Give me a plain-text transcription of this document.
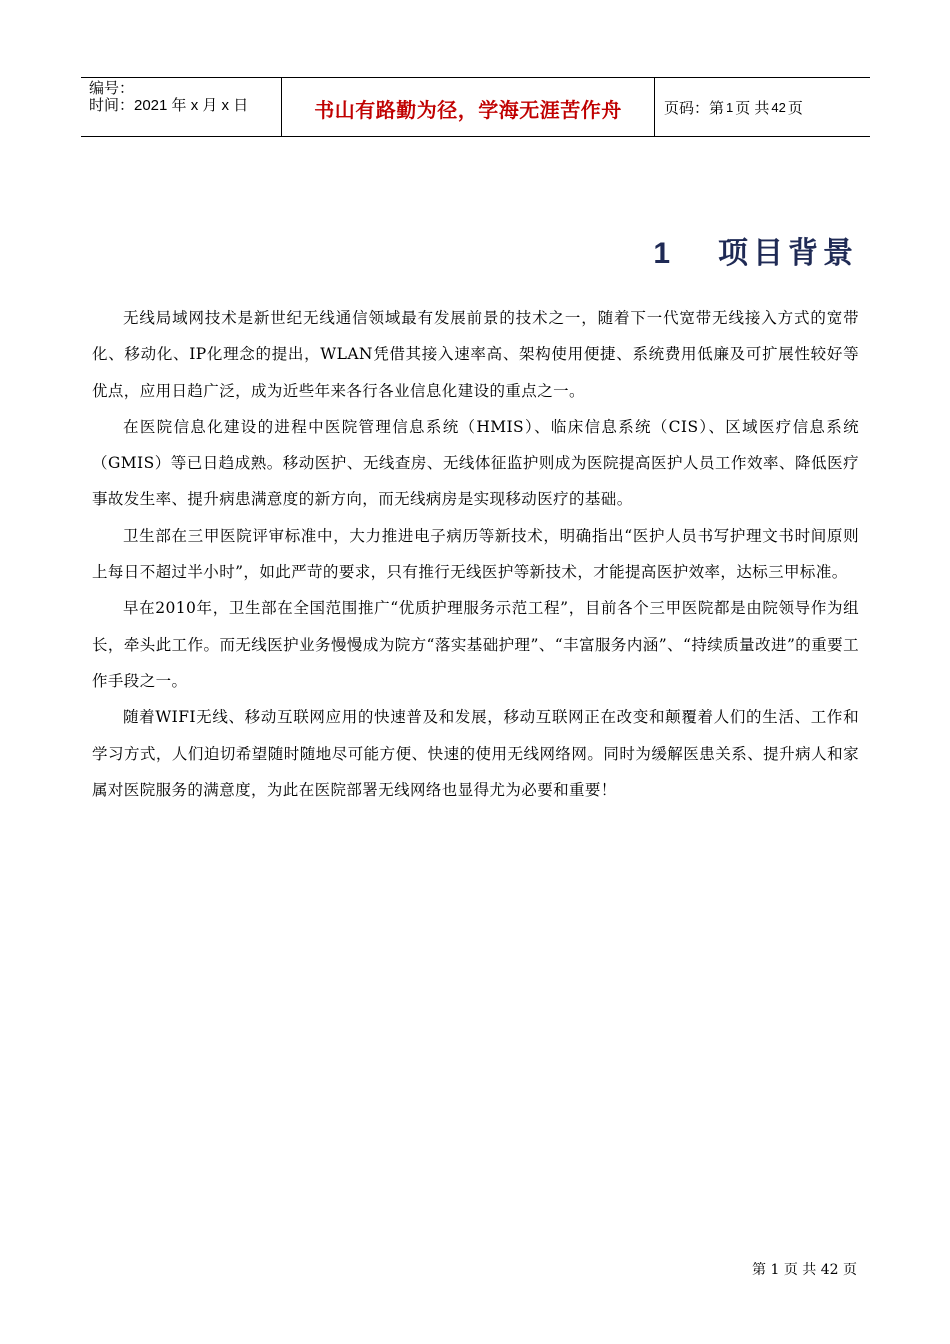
编号：
时间：2021 年 x 月 x 日	书山有路勤为径，学海无涯苦作舟	页码：第 1 页 共 42 页
1 项目背景

无线局域网技术是新世纪无线通信领域最有发展前景的技术之一，随着下一代宽带无线接入方式的宽带化、移动化、IP化理念的提出，WLAN凭借其接入速率高、架构使用便捷、系统费用低廉及可扩展性较好等优点，应用日趋广泛，成为近些年来各行各业信息化建设的重点之一。

在医院信息化建设的进程中医院管理信息系统（HMIS）、临床信息系统（CIS）、区域医疗信息系统（GMIS）等已日趋成熟。移动医护、无线查房、无线体征监护则成为医院提高医护人员工作效率、降低医疗事故发生率、提升病患满意度的新方向，而无线病房是实现移动医疗的基础。

卫生部在三甲医院评审标准中，大力推进电子病历等新技术，明确指出“医护人员书写护理文书时间原则上每日不超过半小时”，如此严苛的要求，只有推行无线医护等新技术，才能提高医护效率，达标三甲标准。

早在2010年，卫生部在全国范围推广“优质护理服务示范工程”，目前各个三甲医院都是由院领导作为组长，牵头此工作。而无线医护业务慢慢成为院方“落实基础护理”、“丰富服务内涵”、“持续质量改进”的重要工作手段之一。

随着WIFI无线、移动互联网应用的快速普及和发展，移动互联网正在改变和颠覆着人们的生活、工作和学习方式，人们迫切希望随时随地尽可能方便、快速的使用无线网络网。同时为缓解医患关系、提升病人和家属对医院服务的满意度，为此在医院部署无线网络也显得尤为必要和重要！

第 1 页 共 42 页
